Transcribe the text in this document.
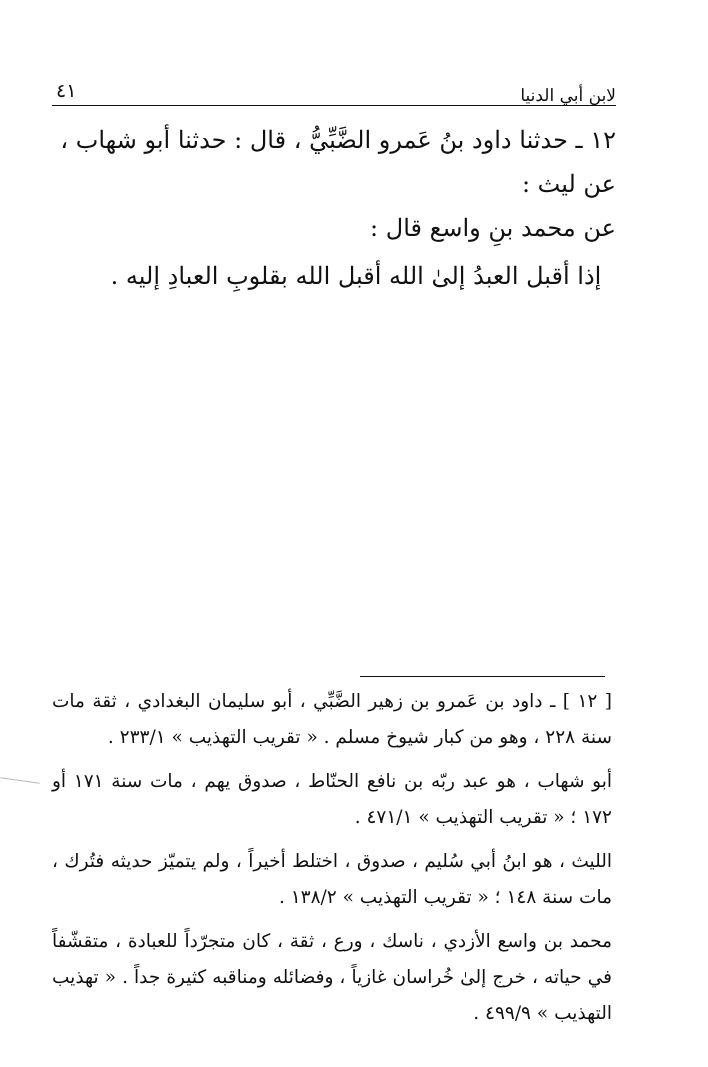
٤١	لابن أبي الدنيا

١٢ ـ حدثنا داود بنُ عَمرو الضَّبِّيُّ ، قال : حدثنا أبو شهاب ، عن ليث :

عن محمد بنِ واسع قال :

إذا أقبل العبدُ إلىٰ الله أقبل الله بقلوبِ العبادِ إليه .

[ ١٢ ] ـ داود بن عَمرو بن زهير الضَّبِّي ، أبو سليمان البغدادي ، ثقة مات سنة ٢٢٨ ، وهو من كبار شيوخ مسلم . « تقريب التهذيب » ٢٣٣/١ .

أبو شهاب ، هو عبد ربّه بن نافع الحنّاط ، صدوق يهم ، مات سنة ١٧١ أو ١٧٢ ؛ « تقريب التهذيب » ٤٧١/١ .

الليث ، هو ابنُ أبي سُليم ، صدوق ، اختلط أخيراً ، ولم يتميّز حديثه فتُرك ، مات سنة ١٤٨ ؛ « تقريب التهذيب » ١٣٨/٢ .

محمد بن واسع الأزدي ، ناسك ، ورع ، ثقة ، كان متجرّداً للعبادة ، متقشّفاً في حياته ، خرج إلىٰ خُراسان غازياً ، وفضائله ومناقبه كثيرة جداً . « تهذيب التهذيب » ٤٩٩/٩ .
